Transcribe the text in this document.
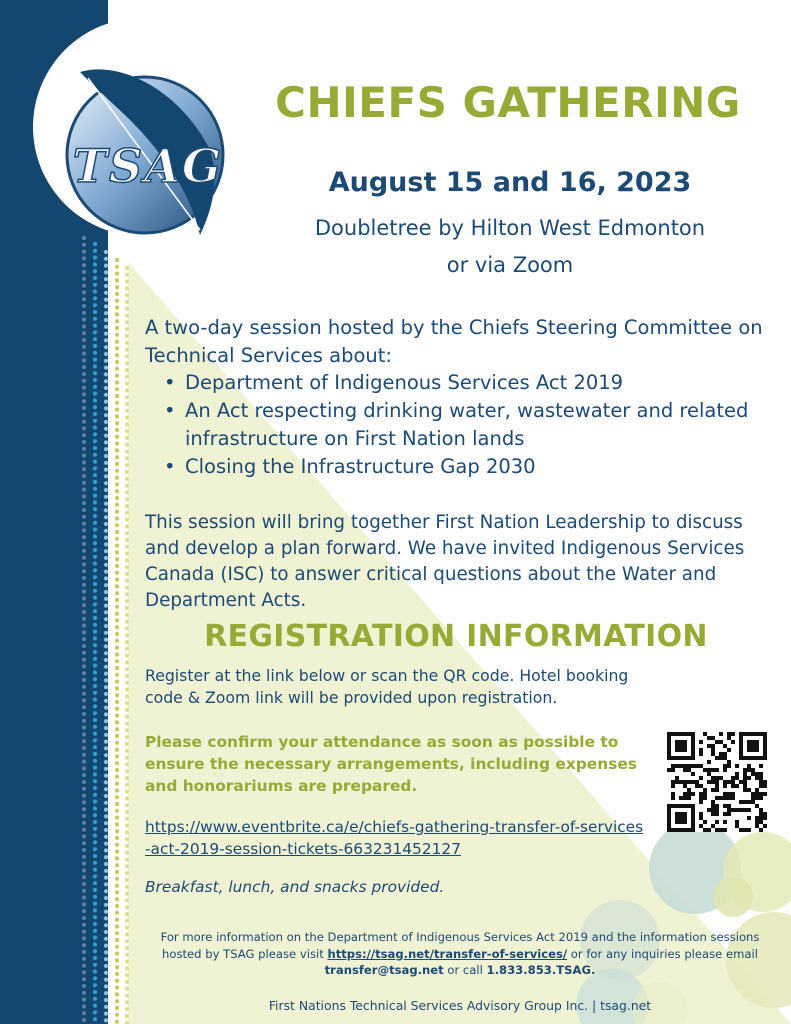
TSAG
CHIEFS GATHERING
August 15 and 16, 2023
Doubletree by Hilton West Edmonton
or via Zoom
A two-day session hosted by the Chiefs Steering Committee on Technical Services about:
• Department of Indigenous Services Act 2019
• An Act respecting drinking water, wastewater and related infrastructure on First Nation lands
• Closing the Infrastructure Gap 2030
This session will bring together First Nation Leadership to discuss and develop a plan forward. We have invited Indigenous Services Canada (ISC) to answer critical questions about the Water and Department Acts.
REGISTRATION INFORMATION
Register at the link below or scan the QR code. Hotel booking code & Zoom link will be provided upon registration.
Please confirm your attendance as soon as possible to ensure the necessary arrangements, including expenses and honorariums are prepared.
https://www.eventbrite.ca/e/chiefs-gathering-transfer-of-services-act-2019-session-tickets-663231452127
Breakfast, lunch, and snacks provided.
For more information on the Department of Indigenous Services Act 2019 and the information sessions hosted by TSAG please visit https://tsag.net/transfer-of-services/ or for any inquiries please email transfer@tsag.net or call 1.833.853.TSAG.
First Nations Technical Services Advisory Group Inc. | tsag.net
